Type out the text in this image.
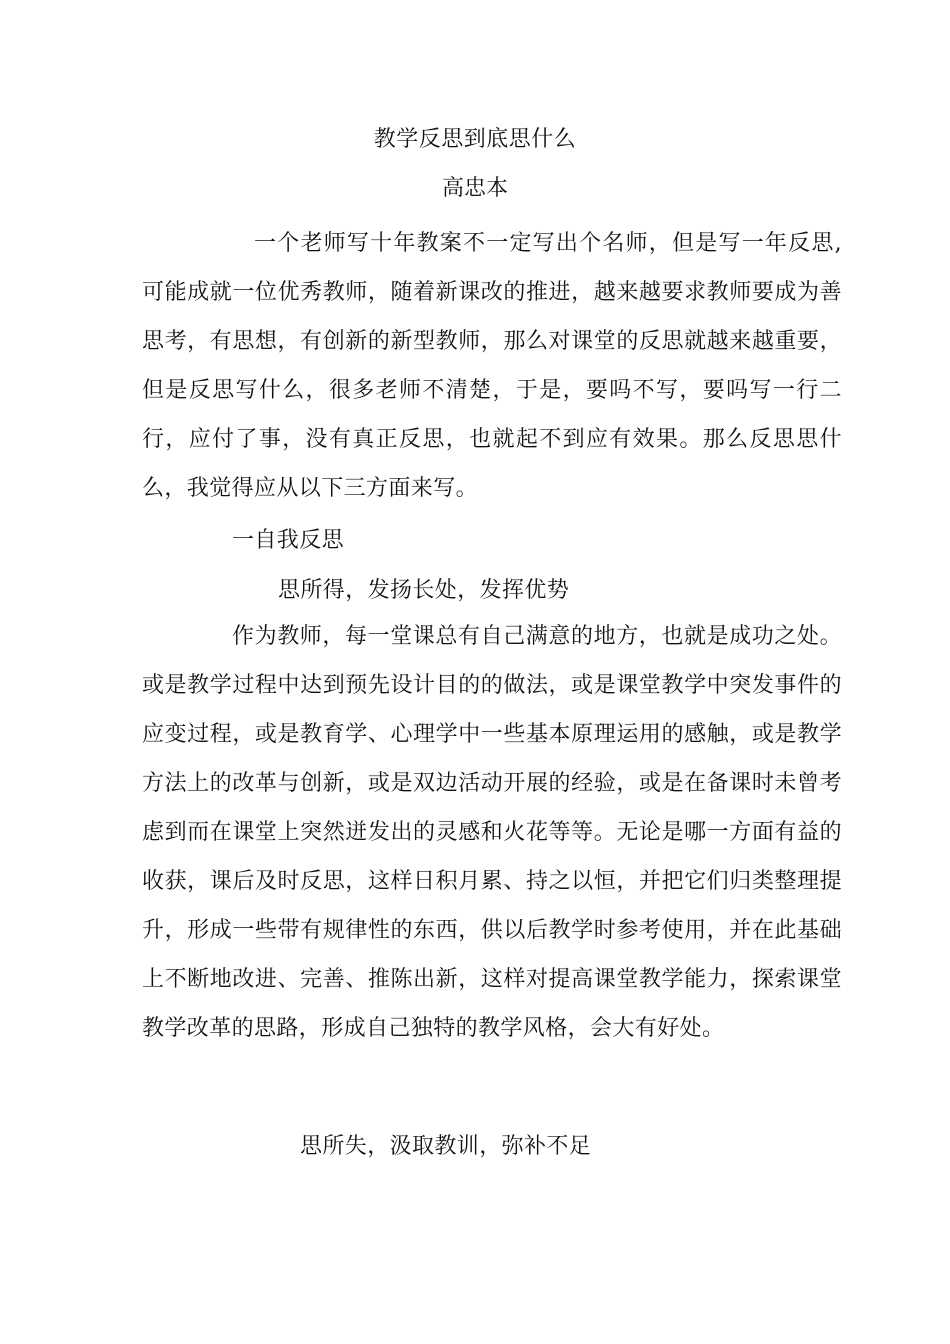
教学反思到底思什么
高忠本
一个老师写十年教案不一定写出个名师，但是写一年反思,可能成就一位优秀教师，随着新课改的推进，越来越要求教师要成为善思考，有思想，有创新的新型教师，那么对课堂的反思就越来越重要，但是反思写什么，很多老师不清楚，于是，要吗不写，要吗写一行二行，应付了事，没有真正反思，也就起不到应有效果。那么反思思什么，我觉得应从以下三方面来写。
一自我反思
思所得，发扬长处，发挥优势
作为教师，每一堂课总有自己满意的地方，也就是成功之处。或是教学过程中达到预先设计目的的做法，或是课堂教学中突发事件的应变过程，或是教育学、心理学中一些基本原理运用的感触，或是教学方法上的改革与创新，或是双边活动开展的经验，或是在备课时未曾考虑到而在课堂上突然迸发出的灵感和火花等等。无论是哪一方面有益的收获，课后及时反思，这样日积月累、持之以恒，并把它们归类整理提升，形成一些带有规律性的东西，供以后教学时参考使用，并在此基础上不断地改进、完善、推陈出新，这样对提高课堂教学能力，探索课堂教学改革的思路，形成自己独特的教学风格，会大有好处。
思所失，汲取教训，弥补不足
